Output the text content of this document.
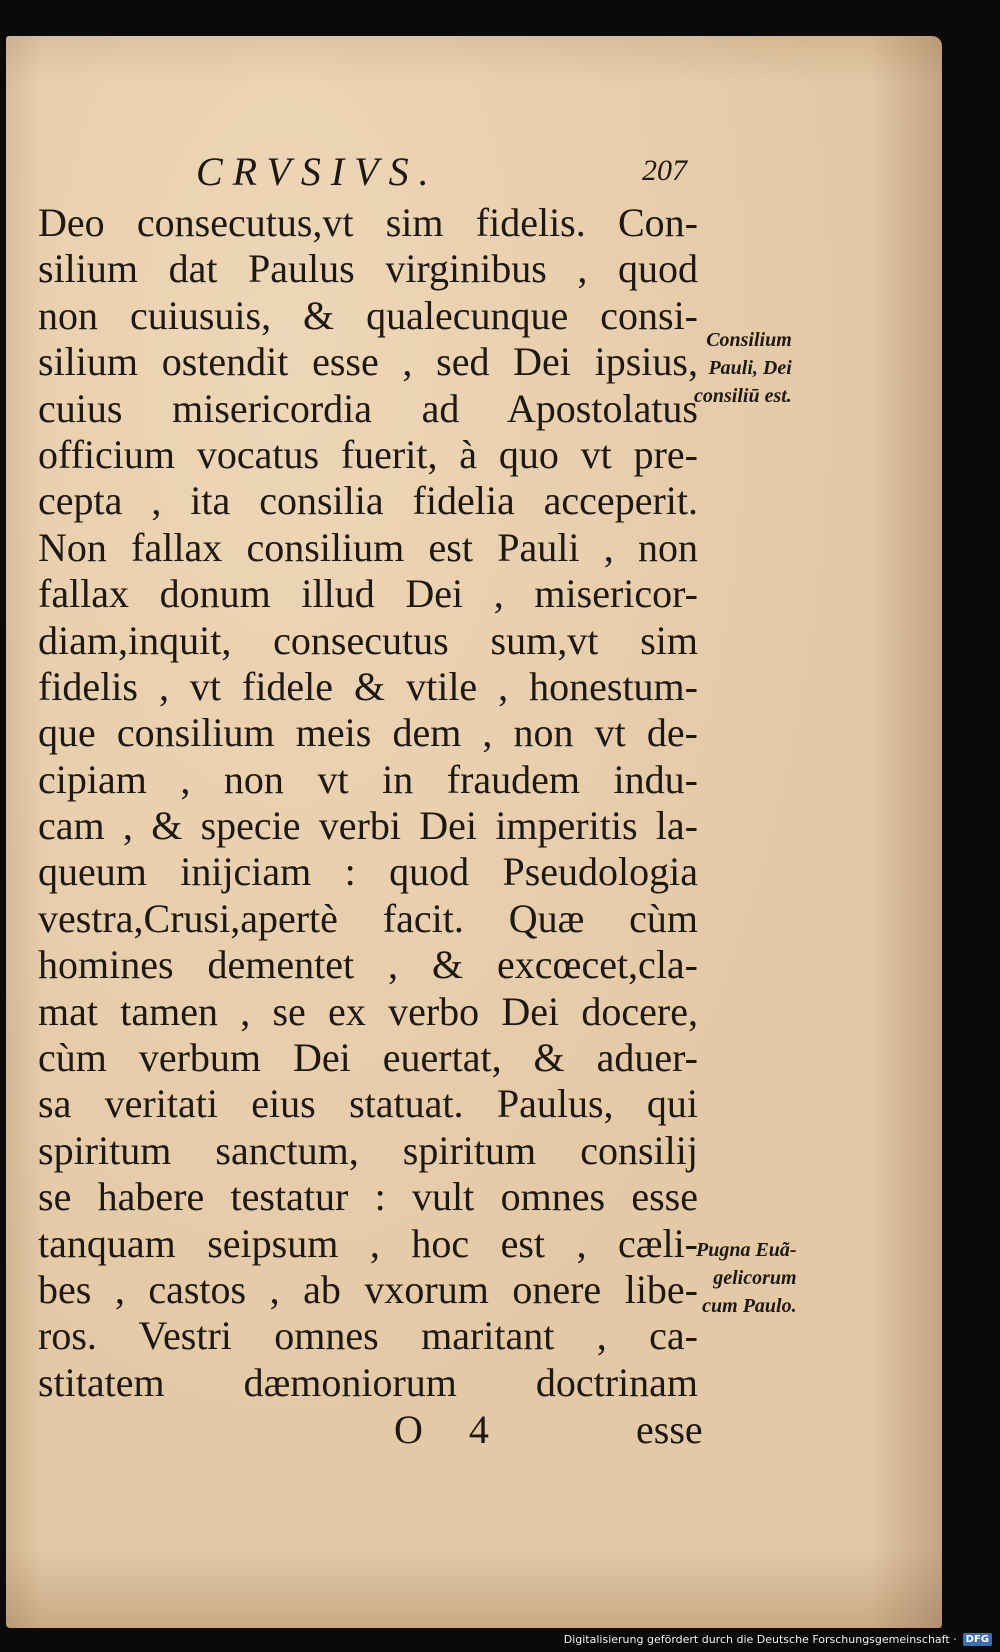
CRVSIVS.	207
Deo consecutus,vt sim fidelis. Con-
silium dat Paulus virginibus , quod
non cuiusuis, & qualecunque consi-
silium ostendit esse , sed Dei ipsius,
cuius misericordia ad Apostolatus
officium vocatus fuerit, à quo vt pre-
cepta , ita consilia fidelia acceperit.
Non fallax consilium est Pauli , non
fallax donum illud Dei , misericor-
diam,inquit, consecutus sum,vt sim
fidelis , vt fidele & vtile , honestum-
que consilium meis dem , non vt de-
cipiam , non vt in fraudem indu-
cam , & specie verbi Dei imperitis la-
queum inijciam : quod Pseudologia
vestra,Crusi,apertè facit. Quæ cùm
homines dementet , & excœcet,cla-
mat tamen , se ex verbo Dei docere,
cùm verbum Dei euertat, & aduer-
sa veritati eius statuat. Paulus, qui
spiritum sanctum, spiritum consilij
se habere testatur : vult omnes esse
tanquam seipsum , hoc est , cæli-
bes , castos , ab vxorum onere libe-
ros. Vestri omnes maritant , ca-
stitatem dæmoniorum doctrinam
Consilium
Pauli, Dei
consiliū est.
Pugna Euã-
gelicorum
cum Paulo.
O 4	esse
Digitalisierung gefördert durch die Deutsche Forschungsgemeinschaft · DFG
